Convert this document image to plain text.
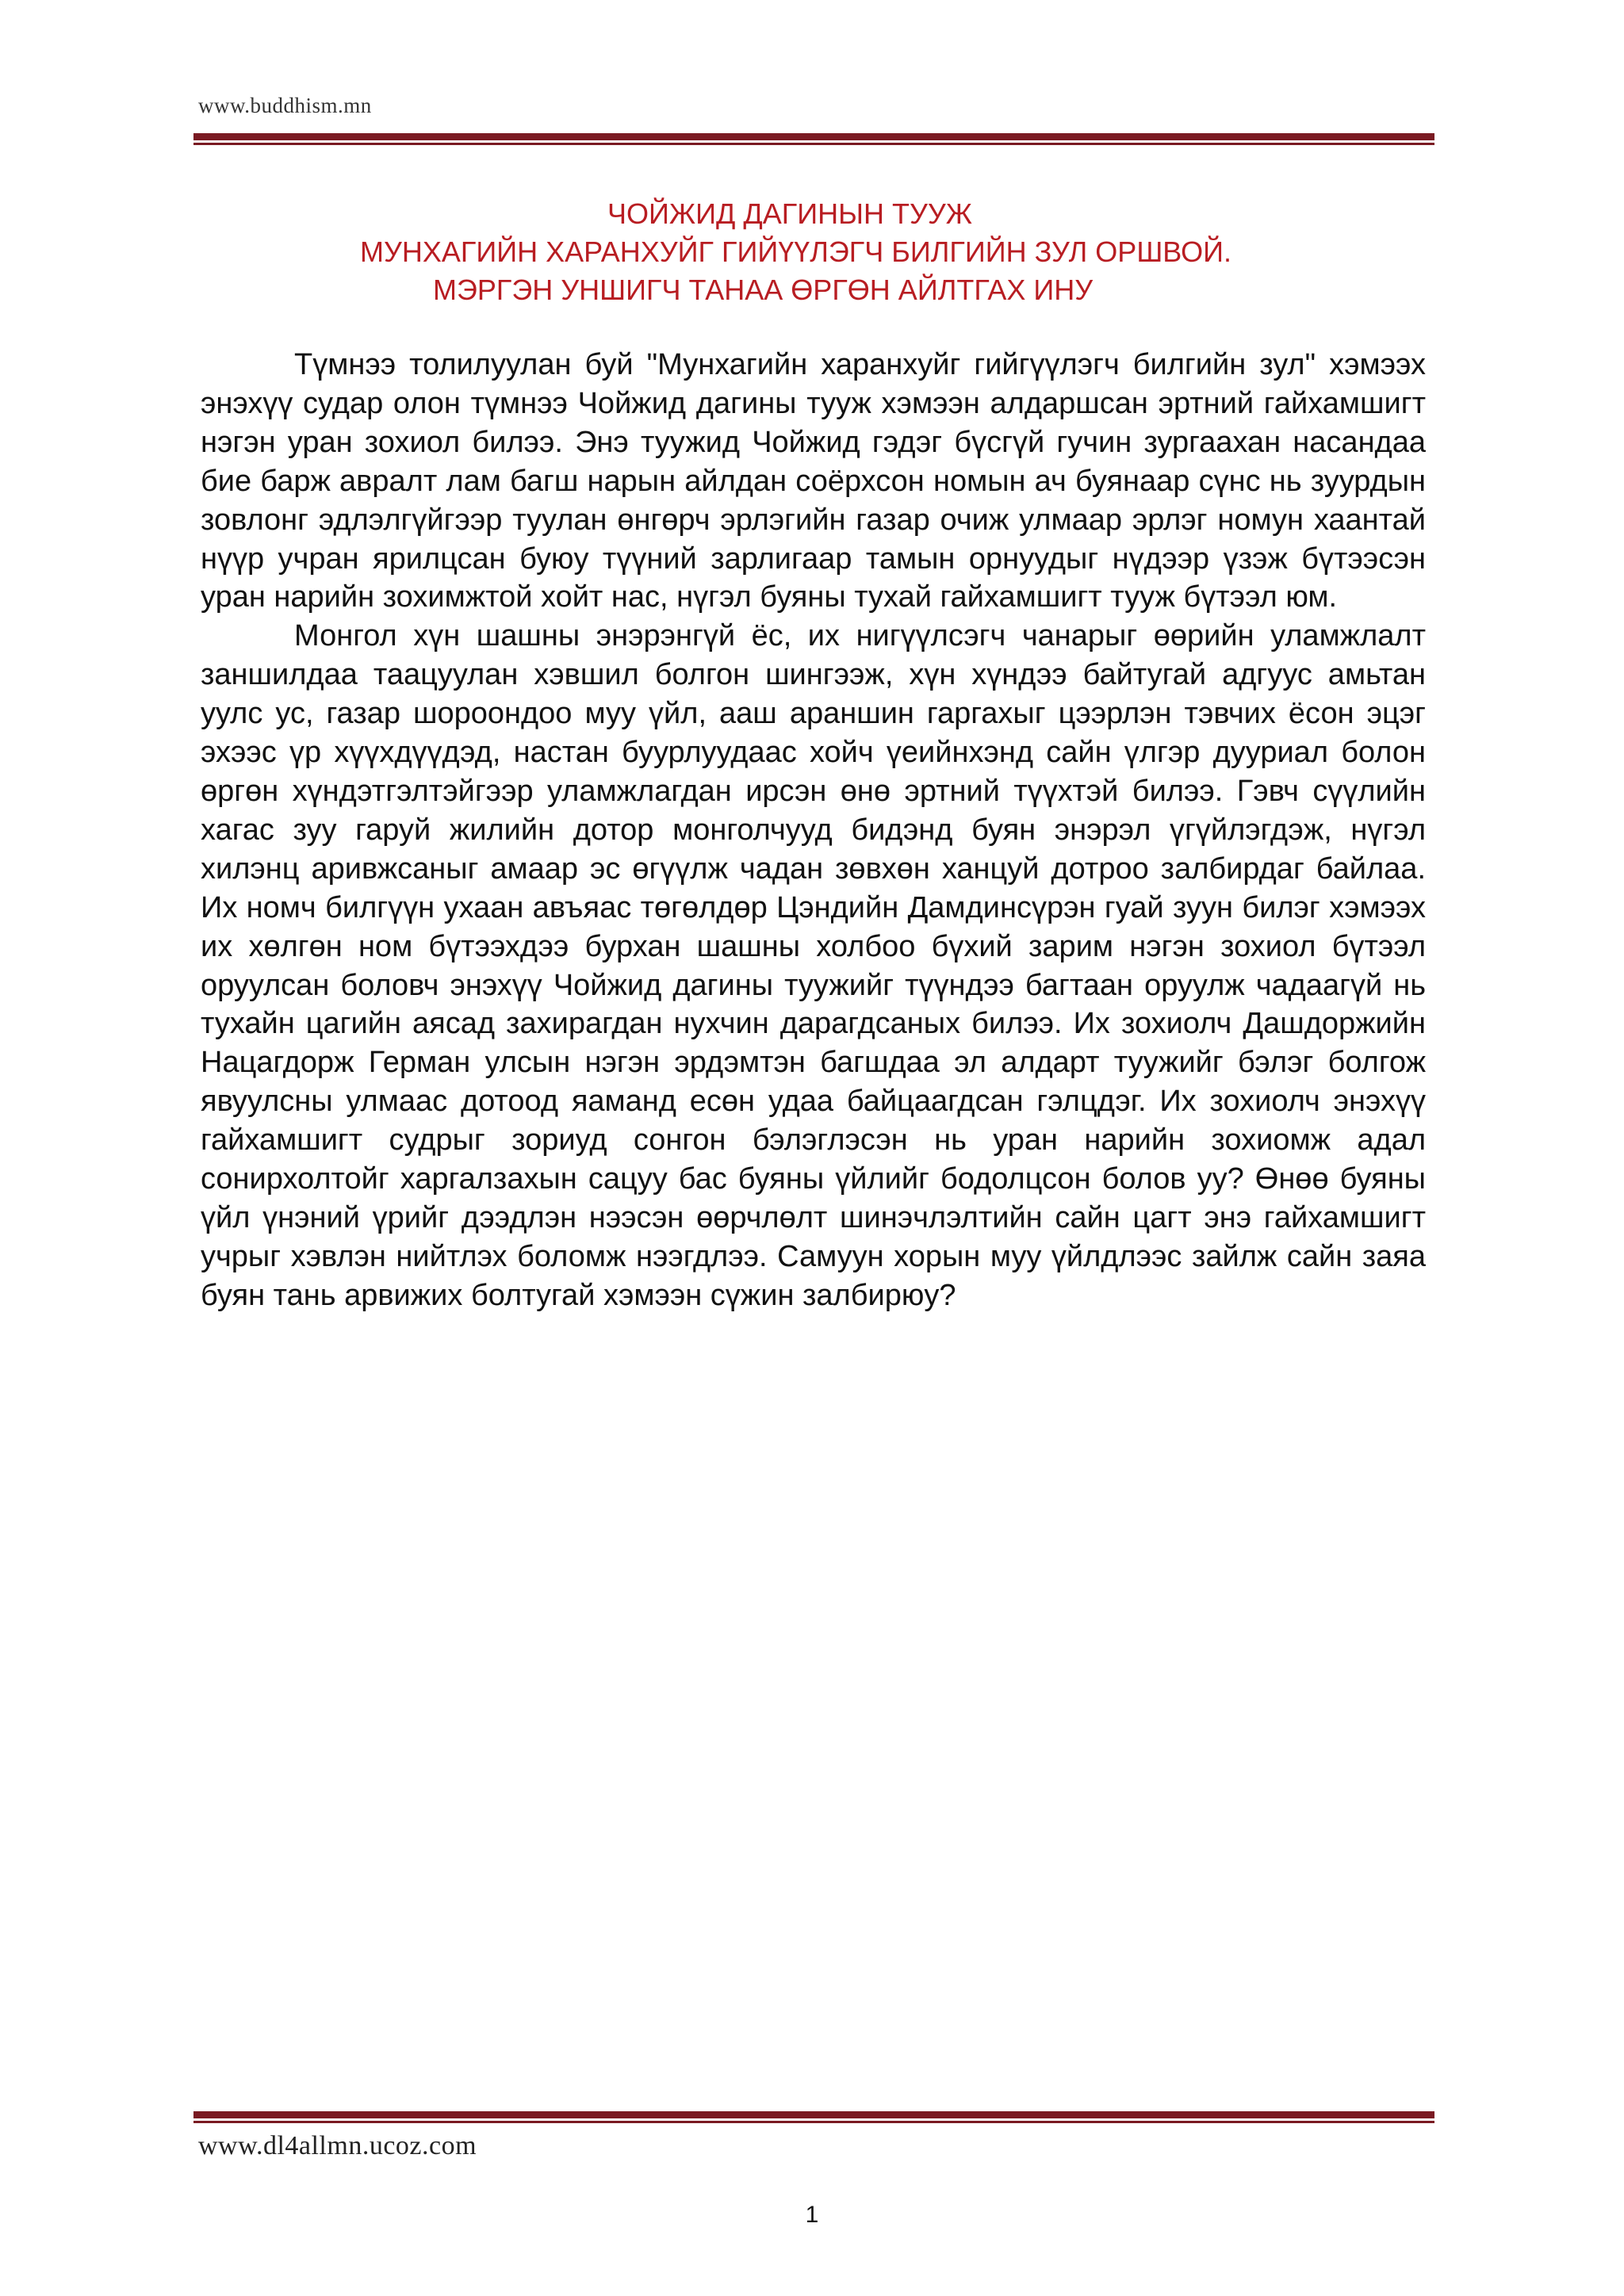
www.buddhism.mn
ЧОЙЖИД ДАГИНЫН ТУУЖ
МУНХАГИЙН ХАРАНХУЙГ ГИЙҮҮЛЭГЧ БИЛГИЙН ЗУЛ ОРШВОЙ.
МЭРГЭН УНШИГЧ ТАНАА ӨРГӨН АЙЛТГАХ ИНУ

Түмнээ толилуулан буй "Мунхагийн харанхуйг гийгүүлэгч билгийн зул" хэмээх энэхүү судар олон түмнээ Чойжид дагины тууж хэмээн алдаршсан эртний гайхамшигт нэгэн уран зохиол билээ. Энэ туужид Чойжид гэдэг бүсгүй гучин зургаахан насандаа бие барж авралт лам багш нарын айлдан соёрхсон номын ач буянаар сүнс нь зуурдын зовлонг эдлэлгүйгээр туулан өнгөрч эрлэгийн газар очиж улмаар эрлэг номун хаантай нүүр учран ярилцсан буюу түүний зарлигаар тамын орнуудыг нүдээр үзэж бүтээсэн уран нарийн зохимжтой хойт нас, нүгэл буяны тухай гайхамшигт тууж бүтээл юм.

Монгол хүн шашны энэрэнгүй ёс, их нигүүлсэгч чанарыг өөрийн уламжлалт заншилдаа таацуулан хэвшил болгон шингээж, хүн хүндээ байтугай адгуус амьтан уулс ус, газар шороондоо муу үйл, ааш араншин гаргахыг цээрлэн тэвчих ёсон эцэг эхээс үр хүүхдүүдэд, настан буурлуудаас хойч үеийнхэнд сайн үлгэр дууриал болон өргөн хүндэтгэлтэйгээр уламжлагдан ирсэн өнө эртний түүхтэй билээ. Гэвч сүүлийн хагас зуу гаруй жилийн дотор монголчууд бидэнд буян энэрэл үгүйлэгдэж, нүгэл хилэнц аривжсаныг амаар эс өгүүлж чадан зөвхөн ханцуй дотроо залбирдаг байлаа. Их номч билгүүн ухаан авъяас төгөлдөр Цэндийн Дамдинсүрэн гуай зуун билэг хэмээх их хөлгөн ном бүтээхдээ бурхан шашны холбоо бүхий зарим нэгэн зохиол бүтээл оруулсан боловч энэхүү Чойжид дагины туужийг түүндээ багтаан оруулж чадаагүй нь тухайн цагийн аясад захирагдан нухчин дарагдсаных билээ. Их зохиолч Дашдоржийн Нацагдорж Герман улсын нэгэн эрдэмтэн багшдаа эл алдарт туужийг бэлэг болгож явуулсны улмаас дотоод яаманд есөн удаа байцаагдсан гэлцдэг. Их зохиолч энэхүү гайхамшигт судрыг зориуд сонгон бэлэглэсэн нь уран нарийн зохиомж адал сонирхолтойг харгалзахын сацуу бас буяны үйлийг бодолцсон болов уу? Өнөө буяны үйл үнэний үрийг дээдлэн нээсэн өөрчлөлт шинэчлэлтийн сайн цагт энэ гайхамшигт учрыг хэвлэн нийтлэх боломж нээгдлээ. Самуун хорын муу үйлдлээс зайлж сайн заяа буян тань арвижих болтугай хэмээн сүжин залбирюу?

www.dl4allmn.ucoz.com
1
